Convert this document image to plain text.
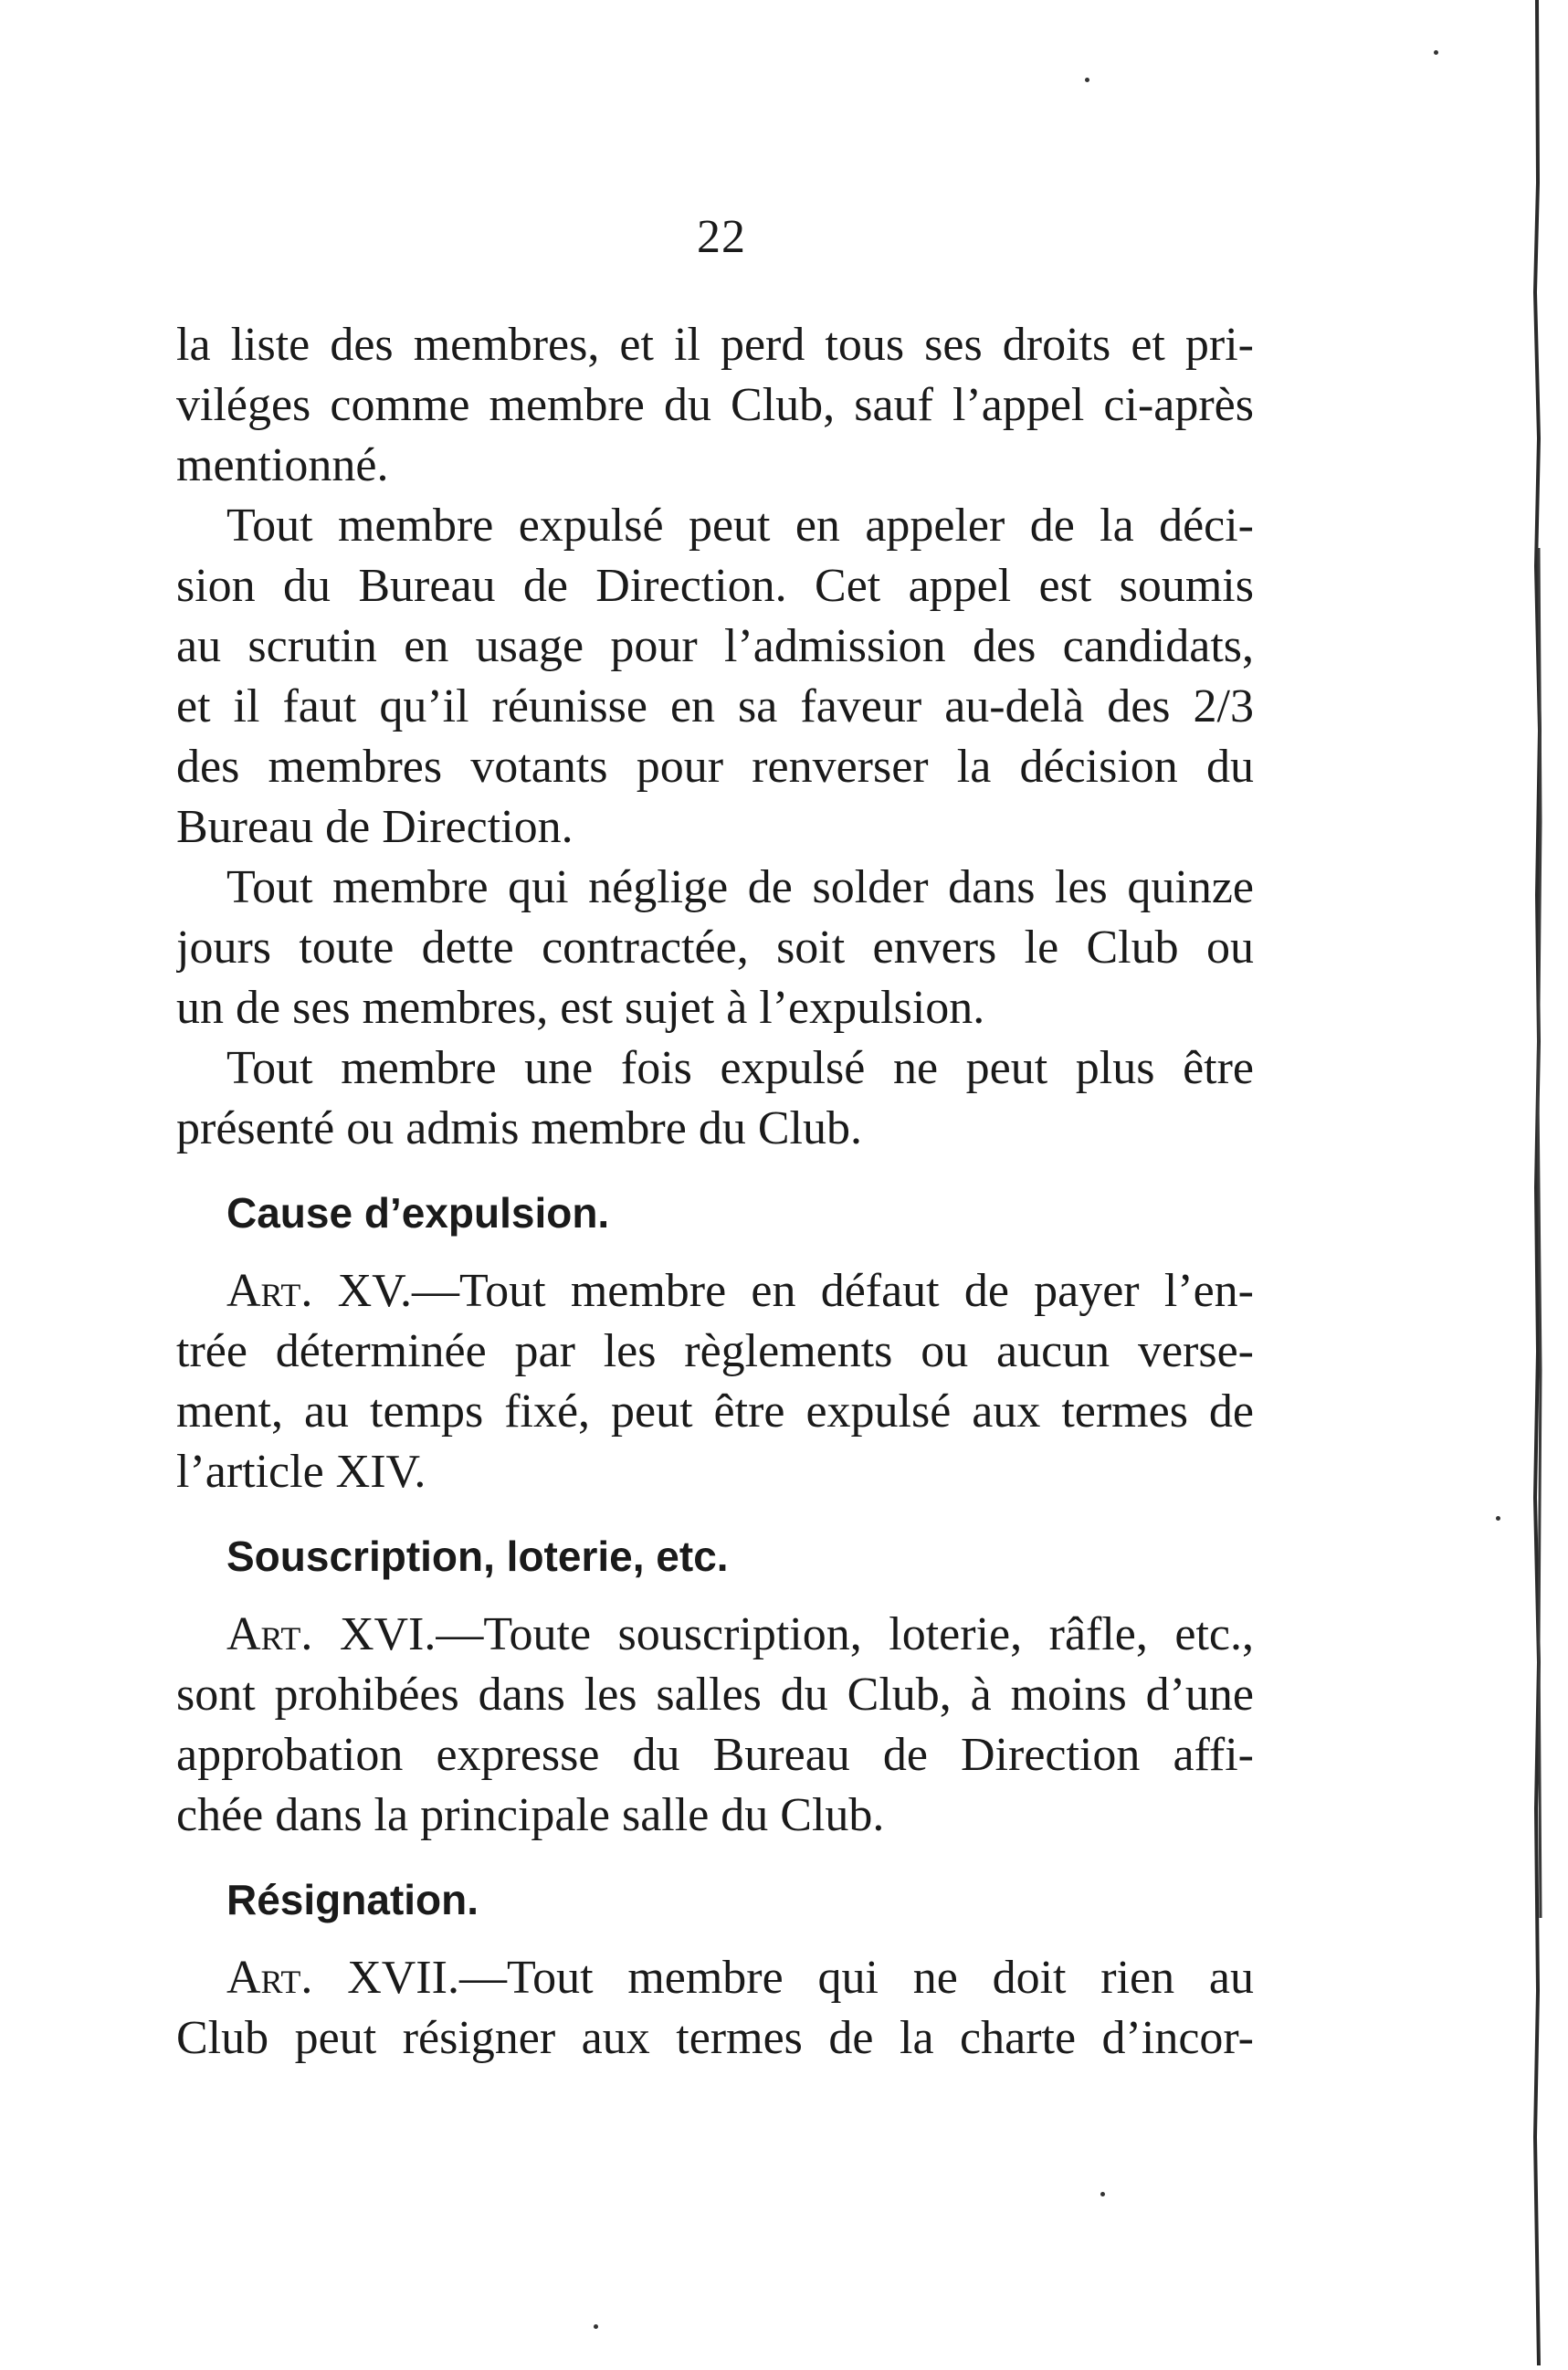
22
la liste des membres, et il perd tous ses droits et pri-
viléges comme membre du Club, sauf l’appel ci-après
mentionné.
Tout membre expulsé peut en appeler de la déci-
sion du Bureau de Direction. Cet appel est soumis
au scrutin en usage pour l’admission des candidats,
et il faut qu’il réunisse en sa faveur au-delà des 2/3
des membres votants pour renverser la décision du
Bureau de Direction.
Tout membre qui néglige de solder dans les quinze
jours toute dette contractée, soit envers le Club ou
un de ses membres, est sujet à l’expulsion.
Tout membre une fois expulsé ne peut plus être
présenté ou admis membre du Club.
Cause d’expulsion.
Art. XV.—Tout membre en défaut de payer l’en-
trée déterminée par les règlements ou aucun verse-
ment, au temps fixé, peut être expulsé aux termes de
l’article XIV.
Souscription, loterie, etc.
Art. XVI.—Toute souscription, loterie, râfle, etc.,
sont prohibées dans les salles du Club, à moins d’une
approbation expresse du Bureau de Direction affi-
chée dans la principale salle du Club.
Résignation.
Art. XVII.—Tout membre qui ne doit rien au
Club peut résigner aux termes de la charte d’incor-
